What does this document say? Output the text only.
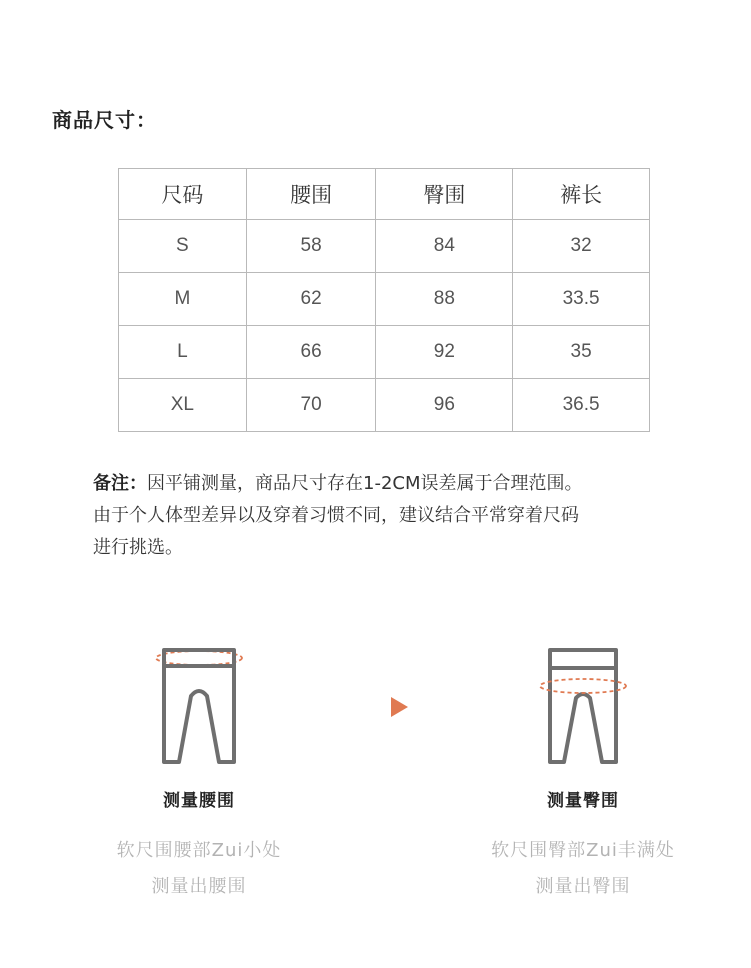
商品尺寸：
尺码	腰围	臀围	裤长
S	58	84	32
M	62	88	33.5
L	66	92	35
XL	70	96	36.5
备注：因平铺测量，商品尺寸存在1-2CM误差属于合理范围。
由于个人体型差异以及穿着习惯不同，建议结合平常穿着尺码
进行挑选。
测量腰围
软尺围腰部Zui小处
测量出腰围
测量臀围
软尺围臀部Zui丰满处
测量出臀围
